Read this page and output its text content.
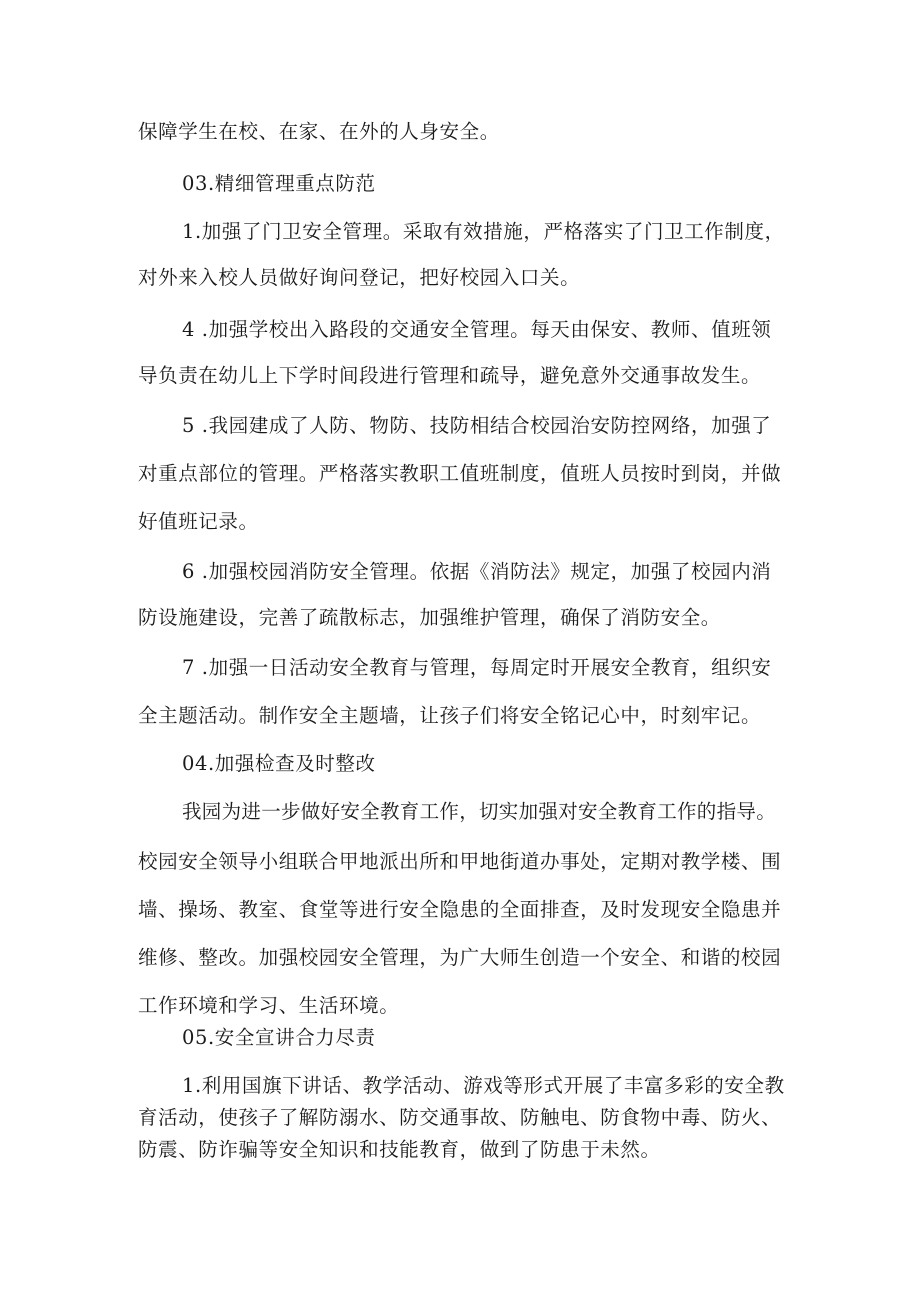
保障学生在校、在家、在外的人身安全。
03.精细管理重点防范
1.加强了门卫安全管理。采取有效措施，严格落实了门卫工作制度，
对外来入校人员做好询问登记，把好校园入口关。
4 .加强学校出入路段的交通安全管理。每天由保安、教师、值班领
导负责在幼儿上下学时间段进行管理和疏导，避免意外交通事故发生。
5 .我园建成了人防、物防、技防相结合校园治安防控网络，加强了
对重点部位的管理。严格落实教职工值班制度，值班人员按时到岗，并做
好值班记录。
6 .加强校园消防安全管理。依据《消防法》规定，加强了校园内消
防设施建设，完善了疏散标志，加强维护管理，确保了消防安全。
7 .加强一日活动安全教育与管理，每周定时开展安全教育，组织安
全主题活动。制作安全主题墙，让孩子们将安全铭记心中，时刻牢记。
04.加强检查及时整改
我园为进一步做好安全教育工作，切实加强对安全教育工作的指导。
校园安全领导小组联合甲地派出所和甲地街道办事处，定期对教学楼、围
墙、操场、教室、食堂等进行安全隐患的全面排查，及时发现安全隐患并
维修、整改。加强校园安全管理，为广大师生创造一个安全、和谐的校园
工作环境和学习、生活环境。
05.安全宣讲合力尽责
1.利用国旗下讲话、教学活动、游戏等形式开展了丰富多彩的安全教
育活动，使孩子了解防溺水、防交通事故、防触电、防食物中毒、防火、
防震、防诈骗等安全知识和技能教育，做到了防患于未然。
